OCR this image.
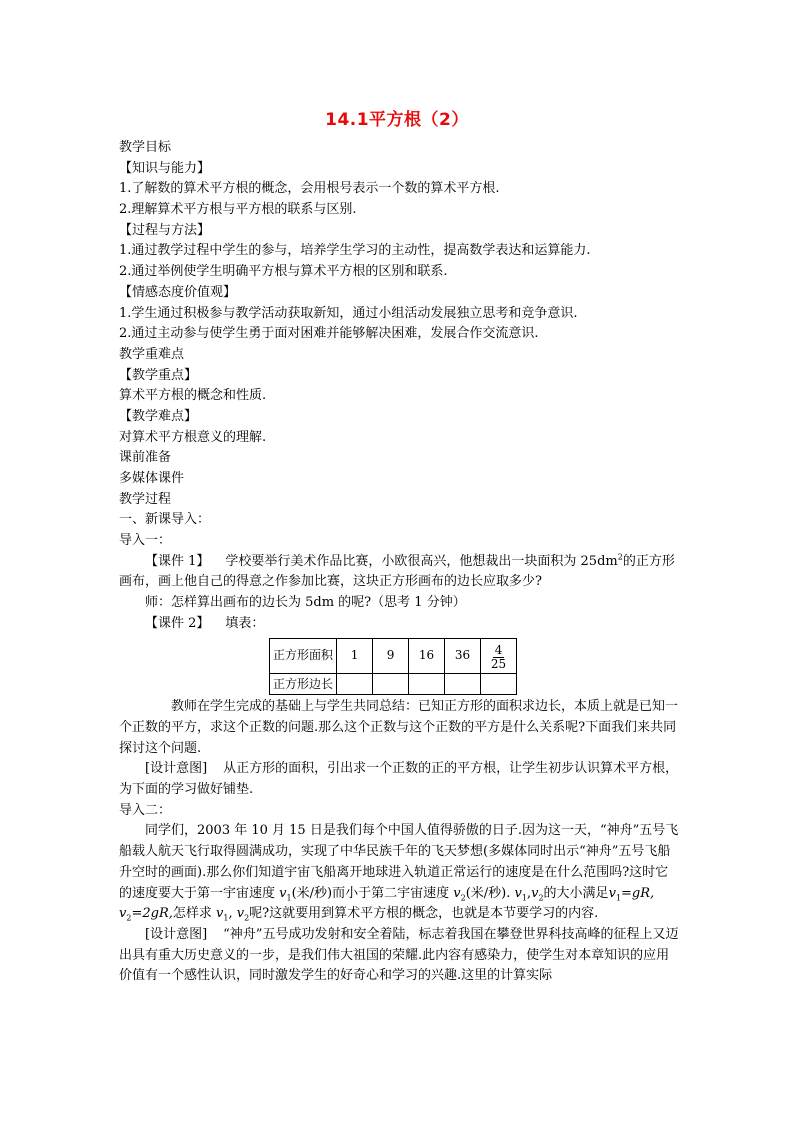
14.1平方根（2）
教学目标
【知识与能力】
1.了解数的算术平方根的概念，会用根号表示一个数的算术平方根.
2.理解算术平方根与平方根的联系与区别.
【过程与方法】
1.通过教学过程中学生的参与，培养学生学习的主动性，提高数学表达和运算能力.
2.通过举例使学生明确平方根与算术平方根的区别和联系.
【情感态度价值观】
1.学生通过积极参与教学活动获取新知，通过小组活动发展独立思考和竞争意识.
2.通过主动参与使学生勇于面对困难并能够解决困难，发展合作交流意识.
教学重难点
【教学重点】
算术平方根的概念和性质.
【教学难点】
对算术平方根意义的理解.
课前准备
多媒体课件
教学过程
一、新课导入：
导入一：
【课件 1】 学校要举行美术作品比赛，小欧很高兴，他想裁出一块面积为 $25dm^2$的正方形画布，画上他自己的得意之作参加比赛，这块正方形画布的边长应取多少?
师：怎样算出画布的边长为 5dm 的呢?（思考 1 分钟）
【课件 2】 填表：
正方形面积	1	9	16	36	$\frac{4}{25}$

正方形边长					
教师在学生完成的基础上与学生共同总结：已知正方形的面积求边长，本质上就是已知一个正数的平方，求这个正数的问题.那么这个正数与这个正数的平方是什么关系呢?下面我们来共同探讨这个问题.
[设计意图] 从正方形的面积，引出求一个正数的正的平方根，让学生初步认识算术平方根，为下面的学习做好铺垫.
导入二：
同学们，2003 年 10 月 15 日是我们每个中国人值得骄傲的日子.因为这一天，“神舟”五号飞船载人航天飞行取得圆满成功，实现了中华民族千年的飞天梦想(多媒体同时出示“神舟”五号飞船升空时的画面).那么你们知道宇宙飞船离开地球进入轨道正常运行的速度是在什么范围吗?这时它的速度要大于第一宇宙速度 $v_1$(米/秒)而小于第二宇宙速度 $v_2$(米/秒). $v_1,v_2$的大小满足$v_1=gR$, $v_2=2gR$,怎样求 $v_1$, $v_2$呢?这就要用到算术平方根的概念，也就是本节要学习的内容.
[设计意图] “神舟”五号成功发射和安全着陆，标志着我国在攀登世界科技高峰的征程上又迈出具有重大历史意义的一步，是我们伟大祖国的荣耀.此内容有感染力，使学生对本章知识的应用价值有一个感性认识，同时激发学生的好奇心和学习的兴趣.这里的计算实际
